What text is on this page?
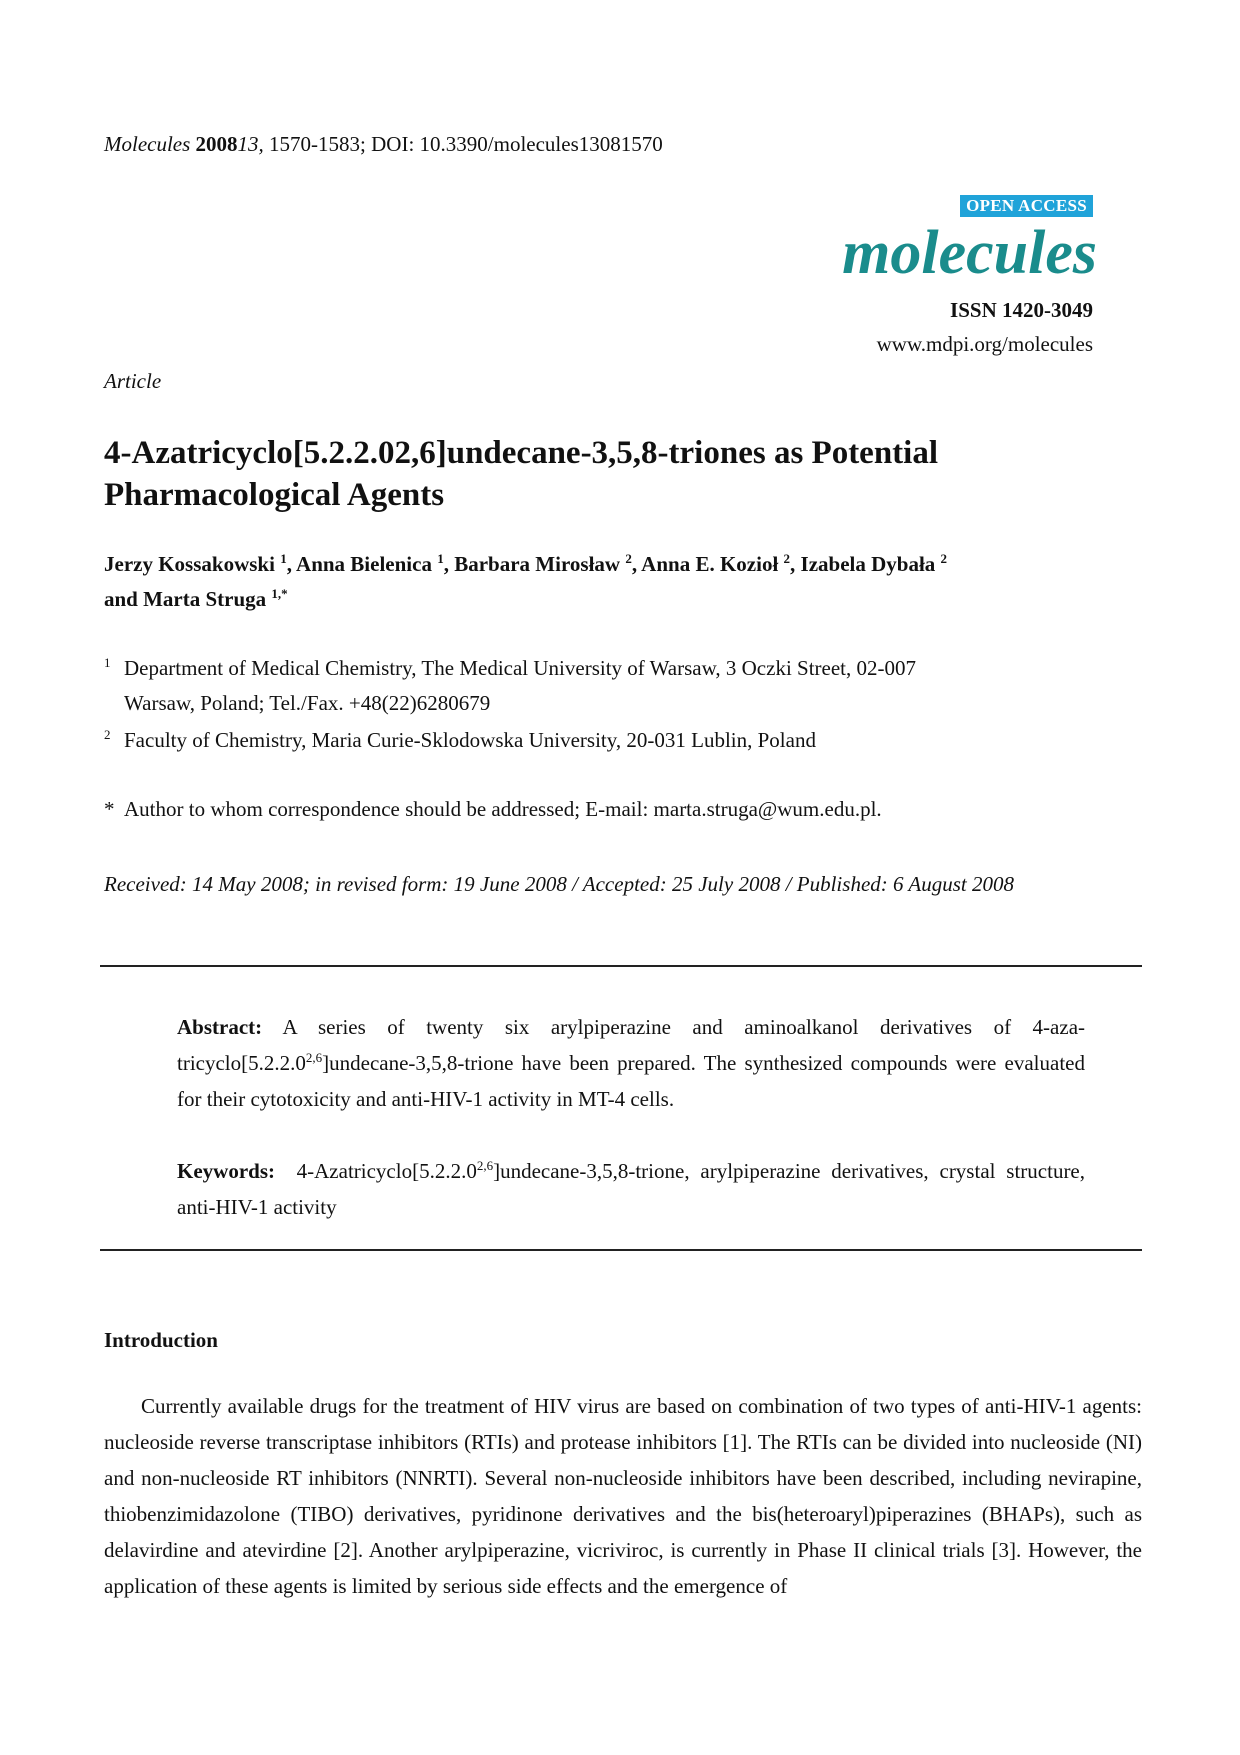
Molecules 200813, 1570-1583; DOI: 10.3390/molecules13081570
OPEN ACCESS
molecules
ISSN 1420-3049
www.mdpi.org/molecules
Article
4-Azatricyclo[5.2.2.02,6]undecane-3,5,8-triones as Potential Pharmacological Agents
Jerzy Kossakowski $^1$, Anna Bielenica $^1$, Barbara Mirosław $^2$, Anna E. Kozioł $^2$, Izabela Dybała $^2$
and Marta Struga $^{1,*}$
$^1$ Department of Medical Chemistry, The Medical University of Warsaw, 3 Oczki Street, 02-007
Warsaw, Poland; Tel./Fax. +48(22)6280679
$^2$ Faculty of Chemistry, Maria Curie-Sklodowska University, 20-031 Lublin, Poland
* Author to whom correspondence should be addressed; E-mail: marta.struga@wum.edu.pl.
Received: 14 May 2008; in revised form: 19 June 2008 / Accepted: 25 July 2008 / Published: 6 August 2008
Abstract: A series of twenty six arylpiperazine and aminoalkanol derivatives of 4-aza-tricyclo[5.2.2.0$^{2,6}$]undecane-3,5,8-trione have been prepared. The synthesized compounds were evaluated for their cytotoxicity and anti-HIV-1 activity in MT-4 cells.
Keywords: 4-Azatricyclo[5.2.2.0$^{2,6}$]undecane-3,5,8-trione, arylpiperazine derivatives, crystal structure, anti-HIV-1 activity
Introduction
Currently available drugs for the treatment of HIV virus are based on combination of two types of anti-HIV-1 agents: nucleoside reverse transcriptase inhibitors (RTIs) and protease inhibitors [1]. The RTIs can be divided into nucleoside (NI) and non-nucleoside RT inhibitors (NNRTI). Several non-nucleoside inhibitors have been described, including nevirapine, thiobenzimidazolone (TIBO) derivatives, pyridinone derivatives and the bis(heteroaryl)piperazines (BHAPs), such as delavirdine and atevirdine [2]. Another arylpiperazine, vicriviroc, is currently in Phase II clinical trials [3]. However, the application of these agents is limited by serious side effects and the emergence of
